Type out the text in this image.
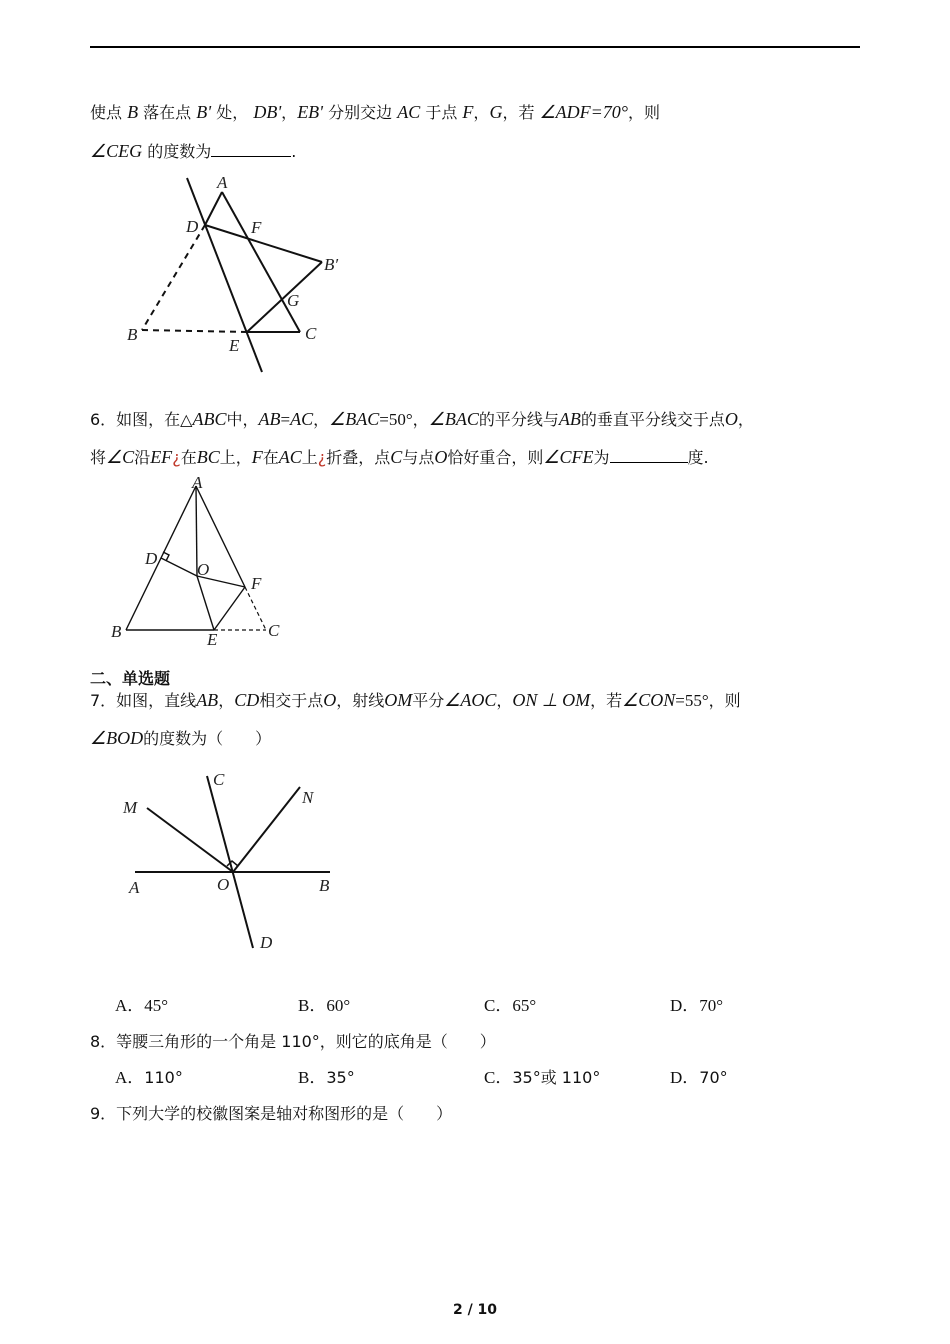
使点 B 落在点 B' 处， DB'，EB' 分别交边 AC 于点 F，G，若 ∠ADF=70°，则
∠CEG 的度数为	.
A
D	F
B′
G
B
E
C
6．如图，在△ABC中，AB=AC，∠BAC=50°，∠BAC的平分线与AB的垂直平分线交于点O，
将∠C沿EF¿在BC上，F在AC上¿折叠，点C与点O恰好重合，则∠CFE为	度.
A
D
O
F
B	E	C
二、单选题
7．如图，直线AB，CD相交于点O，射线OM平分∠AOC，ON ⊥ OM，若∠CON=55°，则
∠BOD的度数为（　　）
C
M
N
A	O	B
D
A．45°	B．60°	C．65°	D．70°
8．等腰三角形的一个角是 110°，则它的底角是（　　）
A．110°	B．35°	C．35°或 110°	D．70°
9．下列大学的校徽图案是轴对称图形的是（　　）
2 / 10
